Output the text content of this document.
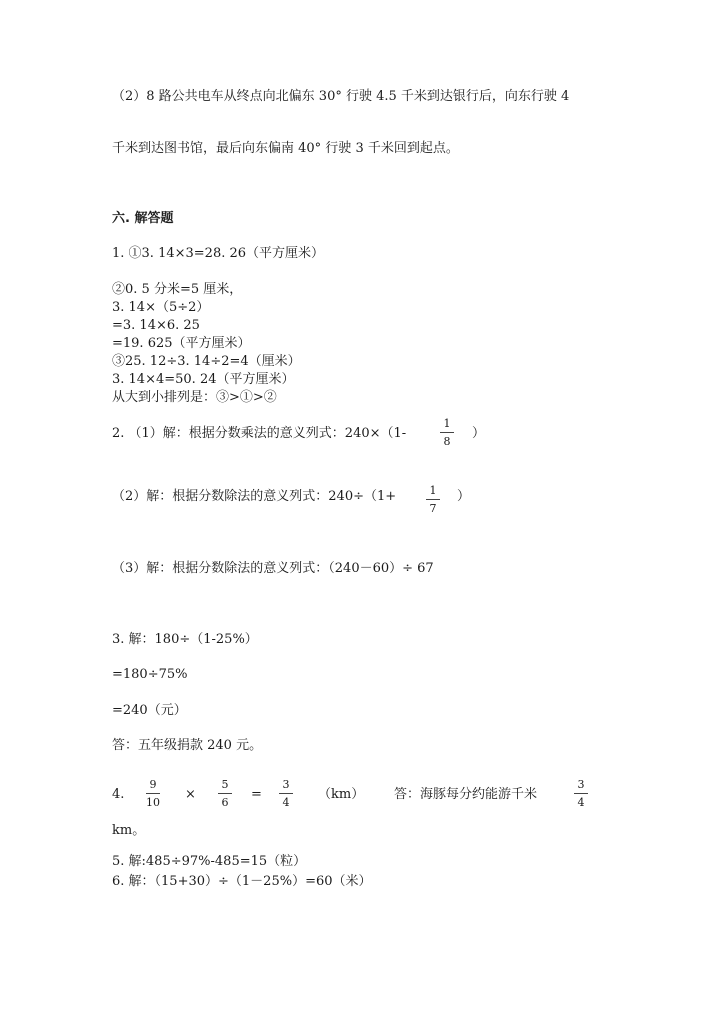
（2）8 路公共电车从终点向北偏东 30° 行驶 4.5 千米到达银行后，向东行驶 4
千米到达图书馆，最后向东偏南 40° 行驶 3 千米回到起点。
六. 解答题
1. ①3. 14×3=28. 26（平方厘米）
②0. 5 分米=5 厘米，
3. 14×（5÷2）
=3. 14×6. 25
=19. 625（平方厘米）
③25. 12÷3. 14÷2=4（厘米）
3. 14×4=50. 24（平方厘米）
从大到小排列是：③>①>②
2. （1）解：根据分数乘法的意义列式：240×（1-
1
8
）
（2）解：根据分数除法的意义列式：240÷（1+	1
7
）
（3）解：根据分数除法的意义列式：（240－60）÷ 67
3. 解：180÷（1-25%）
=180÷75%
=240（元）
答：五年级捐款 240 元。
4.
9
10
×
5
6
=
3
4
（km） 答：海豚每分约能游千米
3
4
km。
5. 解:485÷97%-485=15（粒）
6. 解：（15+30）÷（1－25%）=60（米）
